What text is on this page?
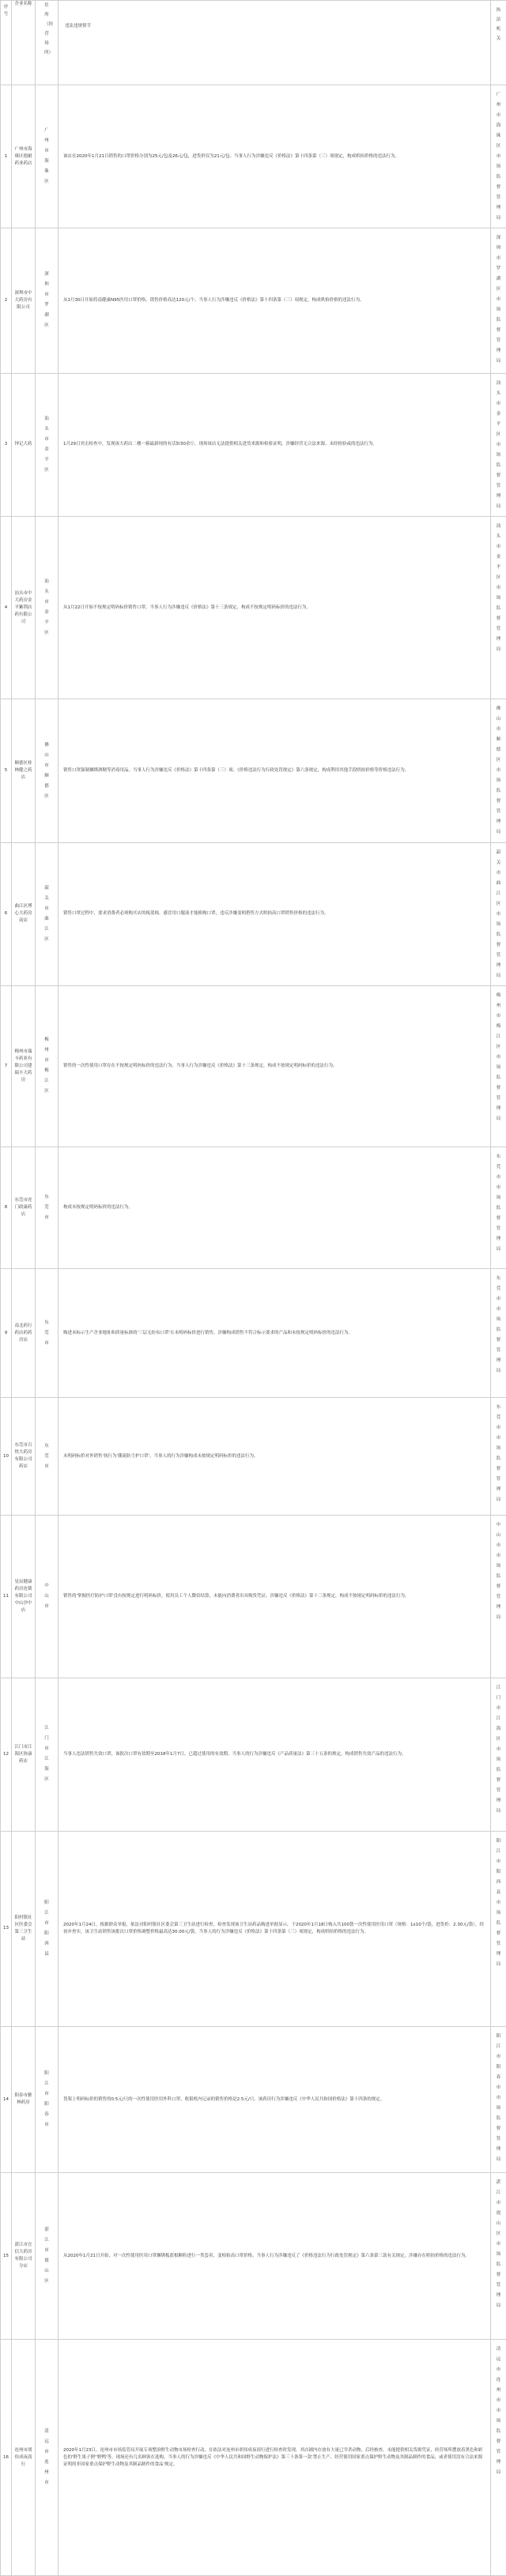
序号	企业名称	住所（经营场所）	违法违规情节	执法机关
1	广州市海珠区德耐药业药店	广州市海珠区	该店在2020年1月21日销售的口罩价格分别为25元/包及26元/包，进货价仅为21元/包。当事人行为涉嫌违反《价格法》第十四条第（三）项规定，构成哄抬价格的违法行为。	广州市海珠区市场监督管理局
2	深圳市中大药房有限公司	深圳市罗湖区	从1月30日开始将南健康N95医用口罩价格，销售价格高达120元/个。当事人行为涉嫌违反《价格法》第十四条第（三）项规定，构成哄抬价格的违法行为。	深圳市罗湖区市场监督管理局
3	钟记大药	汕头市金平区	1月29日突击检查中，发现该大药店二楼一箱最新纯的有活如30余斤，现场该店无法提供相关进货来源和检验证明，涉嫌经营无合法来源、未经检验或的违法行为。	汕头市金平区市场监督管理局
4	汕头市中大药房金平紫荆店药有限公司	汕头市金平区	从1月22日开始不按规定明码标价销售口罩。当事人行为涉嫌违反《价格法》第十三条规定，构成不按规定明码标价的违法行为。	汕头市金平区市场监督管理局
5	顺德区桂林健之药店	佛山市顺德区	销售口罩强制捆绑酒精等消毒用品。当事人行为涉嫌违反《价格法》第十四条第（三）项、《价格违法行为行政处罚规定》第六条规定，构成利用其他手段哄抬价格等价格违法行为。	佛山市顺德区市场监督管理局
6	曲江区博心大药房南店	韶关市曲江区	销售口罩过程中，要求消费者必须购买店的板蓝根、感冒用口服液才能换购口罩，违反涉嫌变相搭售方式哄抬高口罩销售价格的违法行为。	韶关市曲江区市场监督管理局
7	梅州市瑞丰药业有限公司建瑞丰大药房	梅州市梅江区	销售的一次性使用口罩存在不按规定明码标价的违法行为。当事人行为涉嫌违反《价格法》第十三条规定，构成不按规定明码标价的违法行为。	梅州市梅江区市场监督管理局
8	东莞市虎门政康药店	东莞市	构成未按规定明码标价的违法行为。	东莞市市场监督管理局
9	南北药行药店药药房店	东莞市	购进未标示生产企业地址和质量标准的'三层无纺布口罩'且未明码标价进行销售，涉嫌构成销售不符合标示要求的产品和未按规定明码标价的违法行为。	东莞市市场监督管理局
10	东莞市百姓大药房有限公司药店	东莞市	未明码标价对外销售'执行为'潮流防尘护口罩'。当事人的行为涉嫌构成未按规定明码标价的违法行为。	东莞市市场监督管理局
11	星辰健康药房连锁有限公司中山沙中店	中山市	销售的'掌握医疗防护口罩'没有按规定进行明码标价，使用员工个人微信结算，未能向消费者出具购货凭证。涉嫌违反《价格法》第十三条规定，构成不按规定明码标价的违法行为。	中山市市场监督管理局
12	江门市江海区协康药店	江门市江海区	当事人违法销售失效口罩，该批次口罩有效期至2018年1月7日，已超过使用的有效期。当事人的行为涉嫌违反《产品质量法》第三十五条的规定，构成销售失效产品的违法行为。	江门市江海区市场监督管理局
13	阳村镇社区医委会第三卫生站	阳江市阳西县	2020年1月24日，根据群众举报，依法对阳村镇社区委会第三卫生站进行检查，检查发现该卫生站药品购进单据显示，于2020年1月18日购入共100袋一次性使用医用口罩（规格：1x10个/袋，进货价：2.30元/袋），经初步查实，该卫生站销售该批次口罩价格调整价格最高达30.00元/袋，当事人的行为涉嫌违反《价格法》第十四条第（三）项规定，构成哄抬价格的违法行为。	阳江市阳西县市场监督管理局
14	阳春市雅林药房	阳江市阳春市	货架上明码标价的销售的0.5元/只的一次性使用医用外科口罩，收银机内记录的销售价格是2.5元/只。该药房行为涉嫌违反《中华人民共和国价格法》第十四条的规定。	阳江市阳春市市场监督管理局
15	湛江市宜信大药房有限公司分店	湛江市霞山区	从2020年1月21日开始，对一次性使用医用口罩捆绑板蓝根颗粒进行一类套卖，变相抬高口罩价格。当事人行为涉嫌违反了《价格违法行为行政处罚规定》第六条第三款有关规定，涉嫌存在哄抬价格的违法行为。	湛江市霞山区市场监督管理局
16	连州市胡伟成夜商行	清远市连州市	2020年1月23日，连州市市场监管局开展专项整治野生动物市场检查行动，在依法对连州市胡伟成夜商行进行检查时发现，其店铺内存放有大量已宰杀动物，后经核查，未能提供相关货源凭证，经营场所摆放着黑色和彩色的'野生果子狸''野鸭'等，现场还有几名顾客在选购。当事人的行为涉嫌违反《中华人民共和国野生动物保护法》第三十条第一款'禁止生产、经营使用国家重点保护野生动物及其制品制作的食品，或者使用没有合法来源证明的非国家重点保护野生动物及其制品制作的食品'规定。	清远市连州市市场监督管理局
